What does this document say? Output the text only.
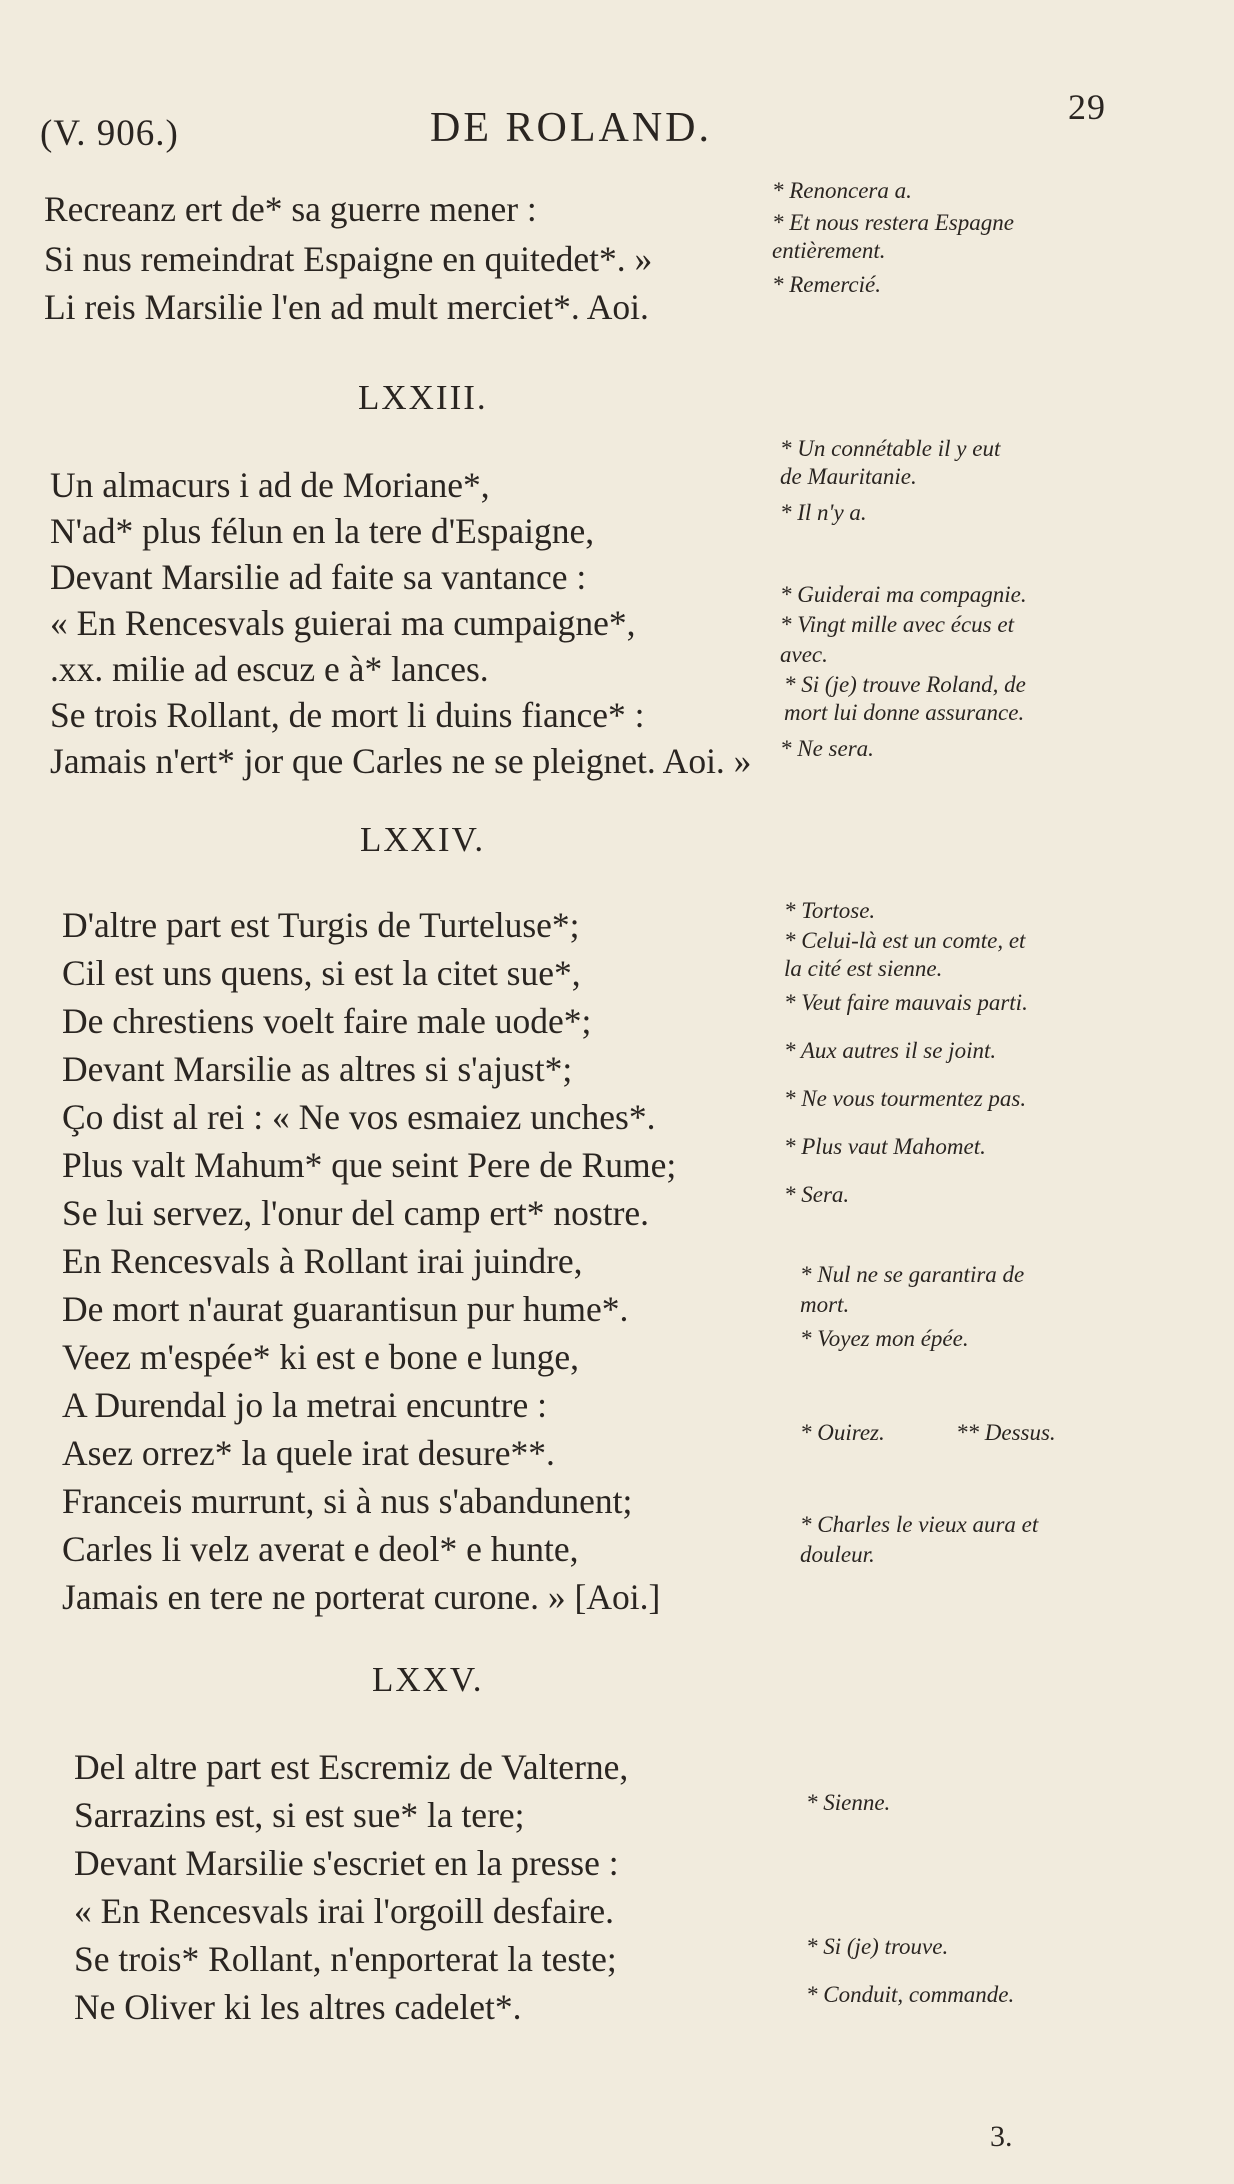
(V. 906.)	DE ROLAND.	29
Recreanz ert de* sa guerre mener :
Si nus remeindrat Espaigne en quitedet*. »
Li reis Marsilie l'en ad mult merciet*. Aoi.
LXXIII.
Un almacurs i ad de Moriane*,
N'ad* plus félun en la tere d'Espaigne,
Devant Marsilie ad faite sa vantance :
« En Rencesvals guierai ma cumpaigne*,
.xx. milie ad escuz e à* lances.
Se trois Rollant, de mort li duins fiance* :
Jamais n'ert* jor que Carles ne se pleignet. Aoi. »
LXXIV.
D'altre part est Turgis de Turteluse*;
Cil est uns quens, si est la citet sue*,
De chrestiens voelt faire male uode*;
Devant Marsilie as altres si s'ajust*;
Ço dist al rei : « Ne vos esmaiez unches*.
Plus valt Mahum* que seint Pere de Rume;
Se lui servez, l'onur del camp ert* nostre.
En Rencesvals à Rollant irai juindre,
De mort n'aurat guarantisun pur hume*.
Veez m'espée* ki est e bone e lunge,
A Durendal jo la metrai encuntre :
Asez orrez* la quele irat desure**.
Franceis murrunt, si à nus s'abandunent;
Carles li velz averat e deol* e hunte,
Jamais en tere ne porterat curone. » [Aoi.]
LXXV.
Del altre part est Escremiz de Valterne,
Sarrazins est, si est sue* la tere;
Devant Marsilie s'escriet en la presse :
« En Rencesvals irai l'orgoill desfaire.
Se trois* Rollant, n'enporterat la teste;
Ne Oliver ki les altres cadelet*.
* Renoncera a.
* Et nous restera Espagne
entièrement.
* Remercié.
* Un connétable il y eut
de Mauritanie.
* Il n'y a.
* Guiderai ma compagnie.
* Vingt mille avec écus et
avec.
* Si (je) trouve Roland, de
mort lui donne assurance.
* Ne sera.
* Tortose.
* Celui-là est un comte, et
la cité est sienne.
* Veut faire mauvais parti.
* Aux autres il se joint.
* Ne vous tourmentez pas.
* Plus vaut Mahomet.
* Sera.
* Nul ne se garantira de
mort.
* Voyez mon épée.
* Ouirez.	** Dessus.
* Charles le vieux aura et
douleur.
* Sienne.
* Si (je) trouve.
* Conduit, commande.
3.
